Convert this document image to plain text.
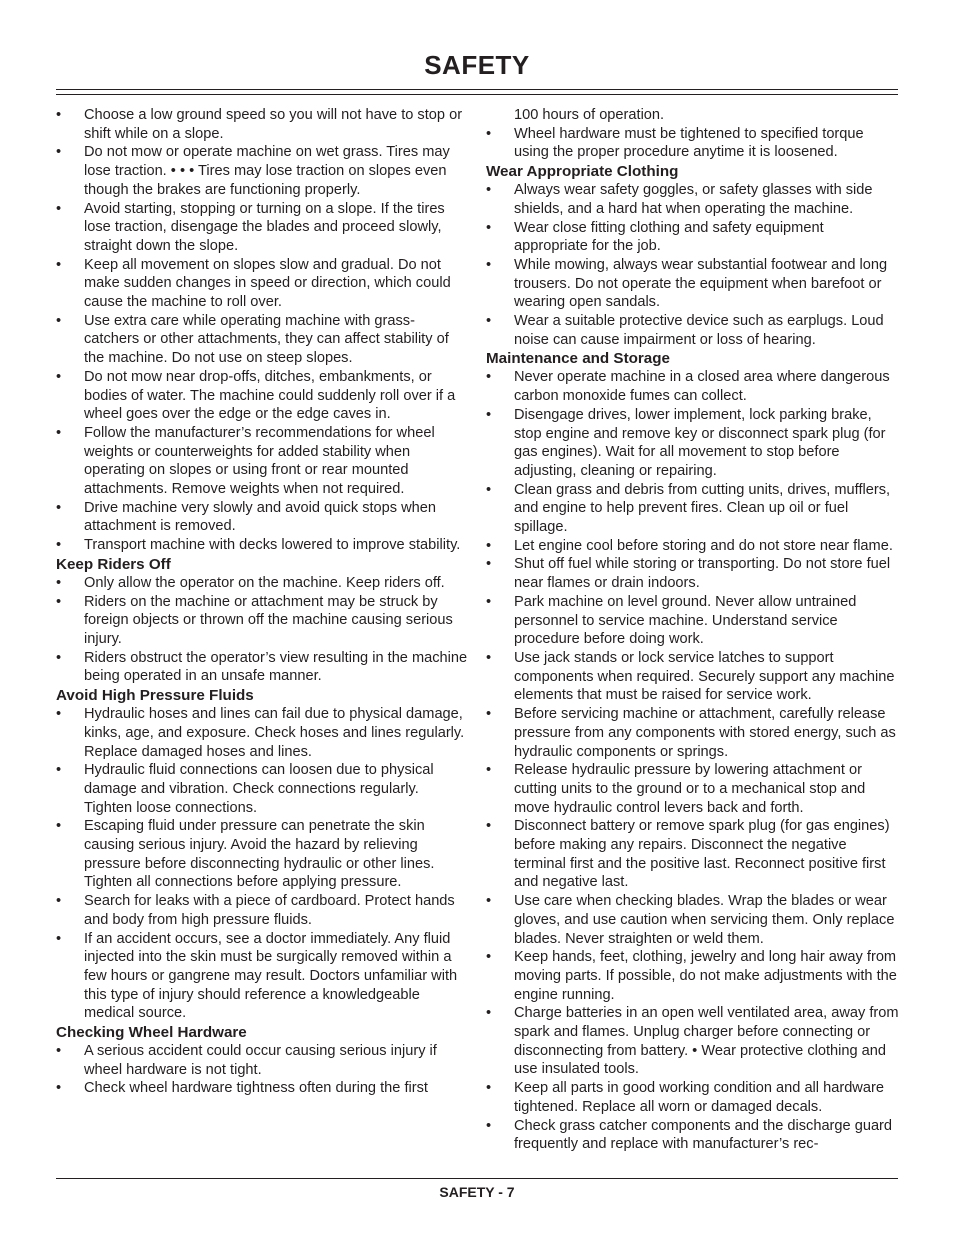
SAFETY

•	Choose a low ground speed so you will not have to stop or shift while on a slope.

•	Do not mow or operate machine on wet grass. Tires may lose traction. • • • Tires may lose traction on slopes even though the brakes are functioning properly.

•	Avoid starting, stopping or turning on a slope. If the tires lose traction, disengage the blades and proceed slowly, straight down the slope.

•	Keep all movement on slopes slow and gradual. Do not make sudden changes in speed or direction, which could cause the machine to roll over.

•	Use extra care while operating machine with grass-catchers or other attachments, they can affect stability of the machine. Do not use on steep slopes.

•	Do not mow near drop-offs, ditches, embankments, or bodies of water. The machine could suddenly roll over if a wheel goes over the edge or the edge caves in.

•	Follow the manufacturer’s recommendations for wheel weights or counterweights for added stability when operating on slopes or using front or rear mounted attachments. Remove weights when not required.

•	Drive machine very slowly and avoid quick stops when attachment is removed.

•	Transport machine with decks lowered to improve stability.

Keep Riders Off

•	Only allow the operator on the machine. Keep riders off.

•	Riders on the machine or attachment may be struck by foreign objects or thrown off the machine causing serious injury.

•	Riders obstruct the operator’s view resulting in the machine being operated in an unsafe manner.

Avoid High Pressure Fluids

•	Hydraulic hoses and lines can fail due to physical damage, kinks, age, and exposure. Check hoses and lines regularly. Replace damaged hoses and lines.

•	Hydraulic fluid connections can loosen due to physical damage and vibration. Check connections regularly. Tighten loose connections.

•	Escaping fluid under pressure can penetrate the skin causing serious injury. Avoid the hazard by relieving pressure before disconnecting hydraulic or other lines. Tighten all connections before applying pressure.

•	Search for leaks with a piece of cardboard. Protect hands and body from high pressure fluids.

•	If an accident occurs, see a doctor immediately. Any fluid injected into the skin must be surgically removed within a few hours or gangrene may result. Doctors unfamiliar with this type of injury should reference a knowledgeable medical source.

Checking Wheel Hardware

•	A serious accident could occur causing serious injury if wheel hardware is not tight.

•	Check wheel hardware tightness often during the first

100 hours of operation.

•	Wheel hardware must be tightened to specified torque using the proper procedure anytime it is loosened.

Wear Appropriate Clothing

•	Always wear safety goggles, or safety glasses with side shields, and a hard hat when operating the machine.

•	Wear close fitting clothing and safety equipment appropriate for the job.

•	While mowing, always wear substantial footwear and long trousers. Do not operate the equipment when barefoot or wearing open sandals.

•	Wear a suitable protective device such as earplugs. Loud noise can cause impairment or loss of hearing.

Maintenance and Storage

•	Never operate machine in a closed area where dangerous carbon monoxide fumes can collect.

•	Disengage drives, lower implement, lock parking brake, stop engine and remove key or disconnect spark plug (for gas engines). Wait for all movement to stop before adjusting, cleaning or repairing.

•	Clean grass and debris from cutting units, drives, mufflers, and engine to help prevent fires. Clean up oil or fuel spillage.

•	Let engine cool before storing and do not store near flame.

•	Shut off fuel while storing or transporting. Do not store fuel near flames or drain indoors.

•	Park machine on level ground. Never allow untrained personnel to service machine. Understand service procedure before doing work.

•	Use jack stands or lock service latches to support components when required. Securely support any machine elements that must be raised for service work.

•	Before servicing machine or attachment, carefully release pressure from any components with stored energy, such as hydraulic components or springs.

•	Release hydraulic pressure by lowering attachment or cutting units to the ground or to a mechanical stop and move hydraulic control levers back and forth.

•	Disconnect battery or remove spark plug (for gas engines) before making any repairs. Disconnect the negative terminal first and the positive last. Reconnect positive first and negative last.

•	Use care when checking blades. Wrap the blades or wear gloves, and use caution when servicing them. Only replace blades. Never straighten or weld them.

•	Keep hands, feet, clothing, jewelry and long hair away from moving parts. If possible, do not make adjustments with the engine running.

•	Charge batteries in an open well ventilated area, away from spark and flames. Unplug charger before connecting or disconnecting from battery. • Wear protective clothing and use insulated tools.

•	Keep all parts in good working condition and all hardware tightened. Replace all worn or damaged decals.

•	Check grass catcher components and the discharge guard frequently and replace with manufacturer’s rec-

SAFETY - 7
